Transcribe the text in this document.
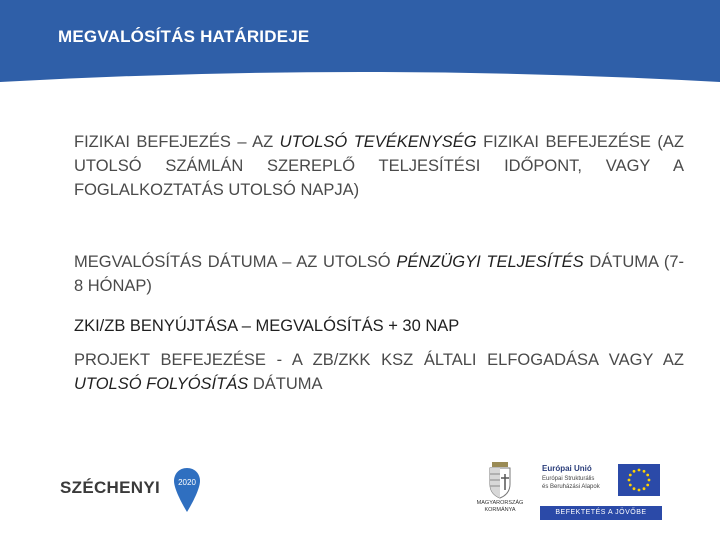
MEGVALÓSÍTÁS HATÁRIDEJE

FIZIKAI BEFEJEZÉS – AZ UTOLSÓ TEVÉKENYSÉG FIZIKAI BEFEJEZÉSE (AZ UTOLSÓ SZÁMLÁN SZEREPLŐ TELJESÍTÉSI IDŐPONT, VAGY A FOGLALKOZTATÁS UTOLSÓ NAPJA)

MEGVALÓSÍTÁS DÁTUMA – AZ UTOLSÓ PÉNZÜGYI TELJESÍTÉS DÁTUMA (7-8 HÓNAP)

ZKI/ZB BENYÚJTÁSA – MEGVALÓSÍTÁS + 30 NAP

PROJEKT BEFEJEZÉSE - A ZB/ZKK KSZ ÁLTALI ELFOGADÁSA VAGY AZ UTOLSÓ FOLYÓSÍTÁS DÁTUMA

SZÉCHENYI 2020
MAGYARORSZÁG KORMÁNYA
Európai Unió
Európai Strukturális
és Beruházási Alapok
BEFEKTETÉS A JÖVŐBE
